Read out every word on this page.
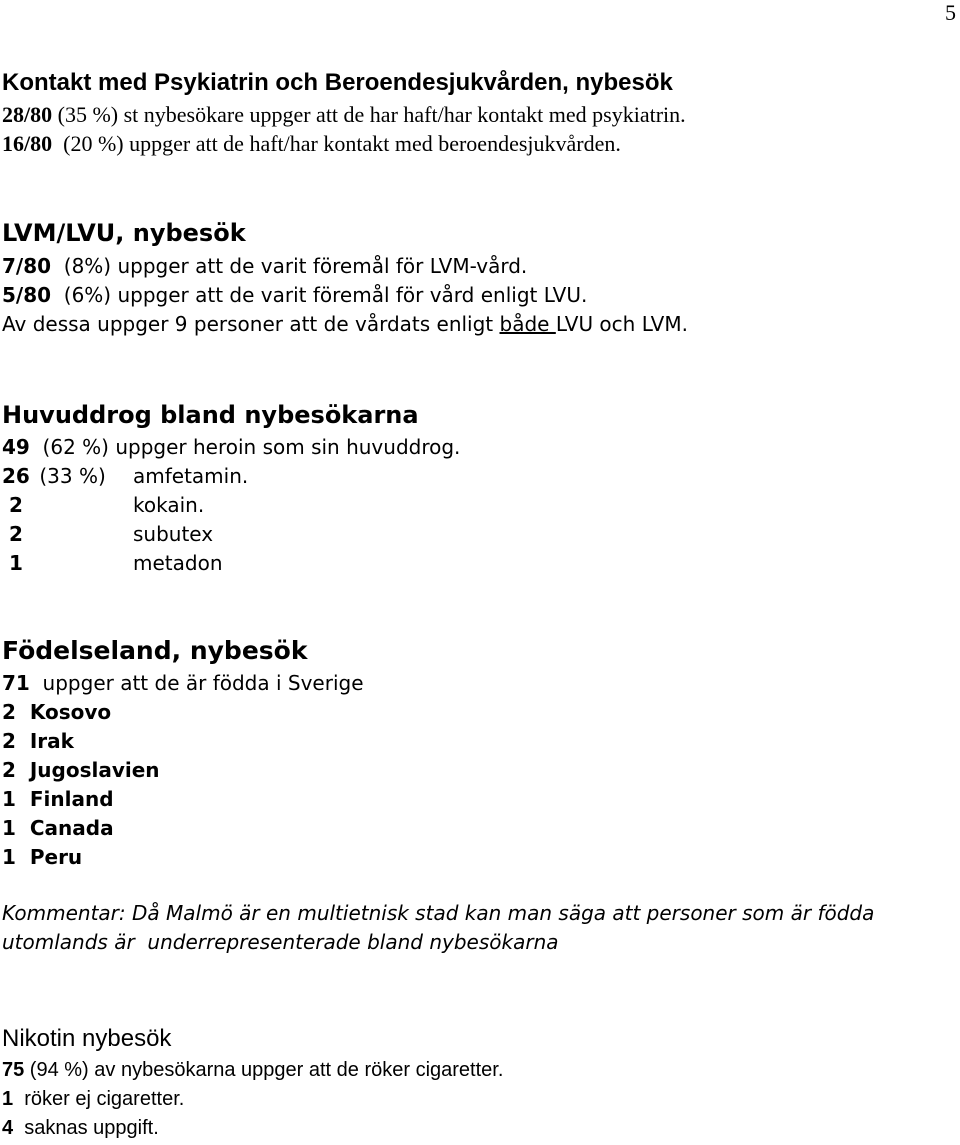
5
Kontakt med Psykiatrin och Beroendesjukvården, nybesök
28/80 (35 %) st nybesökare uppger att de har haft/har kontakt med psykiatrin.
16/80  (20 %) uppger att de haft/har kontakt med beroendesjukvården.
LVM/LVU, nybesök
7/80  (8%) uppger att de varit föremål för LVM-vård.
5/80  (6%) uppger att de varit föremål för vård enligt LVU.
Av dessa uppger 9 personer att de vårdats enligt både LVU och LVM.
Huvuddrog bland nybesökarna
49  (62 %) uppger heroin som sin huvuddrog.
26 (33 %)	amfetamin.
2	kokain.
2	subutex
1	metadon
Födelseland, nybesök
71  uppger att de är födda i Sverige
2  Kosovo
2  Irak
2  Jugoslavien
1  Finland
1  Canada
1  Peru
Kommentar: Då Malmö är en multietnisk stad kan man säga att personer som är födda
utomlands är  underrepresenterade bland nybesökarna
Nikotin nybesök
75 (94 %) av nybesökarna uppger att de röker cigaretter.
1  röker ej cigaretter.
4  saknas uppgift.
